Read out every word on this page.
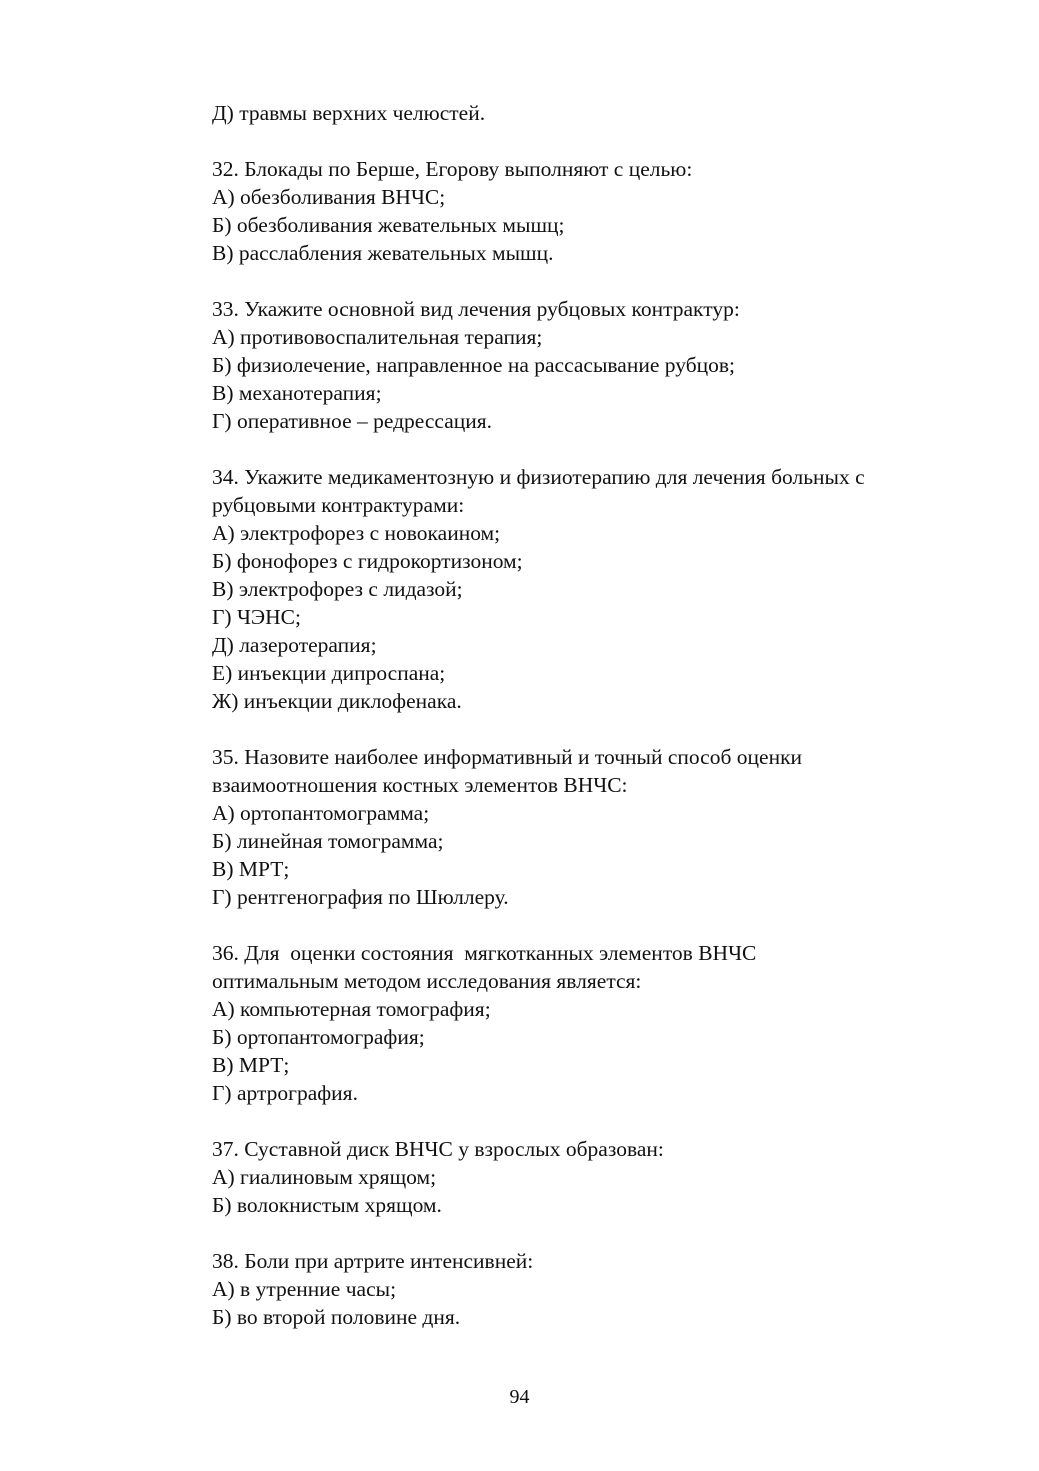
Д) травмы верхних челюстей.
32. Блокады по Берше, Егорову выполняют с целью:
А) обезболивания ВНЧС;
Б) обезболивания жевательных мышц;
В) расслабления жевательных мышц.
33. Укажите основной вид лечения рубцовых контрактур:
А) противовоспалительная терапия;
Б) физиолечение, направленное на рассасывание рубцов;
В) механотерапия;
Г) оперативное – редрессация.
34. Укажите медикаментозную и физиотерапию для лечения больных с
рубцовыми контрактурами:
А) электрофорез с новокаином;
Б) фонофорез с гидрокортизоном;
В) электрофорез с лидазой;
Г) ЧЭНС;
Д) лазеротерапия;
Е) инъекции дипроспана;
Ж) инъекции диклофенака.
35. Назовите наиболее информативный и точный способ оценки
взаимоотношения костных элементов ВНЧС:
А) ортопантомограмма;
Б) линейная томограмма;
В) МРТ;
Г) рентгенография по Шюллеру.
36. Для  оценки состояния  мягкотканных элементов ВНЧС
оптимальным методом исследования является:
А) компьютерная томография;
Б) ортопантомография;
В) МРТ;
Г) артрография.
37. Суставной диск ВНЧС у взрослых образован:
А) гиалиновым хрящом;
Б) волокнистым хрящом.
38. Боли при артрите интенсивней:
А) в утренние часы;
Б) во второй половине дня.
94
